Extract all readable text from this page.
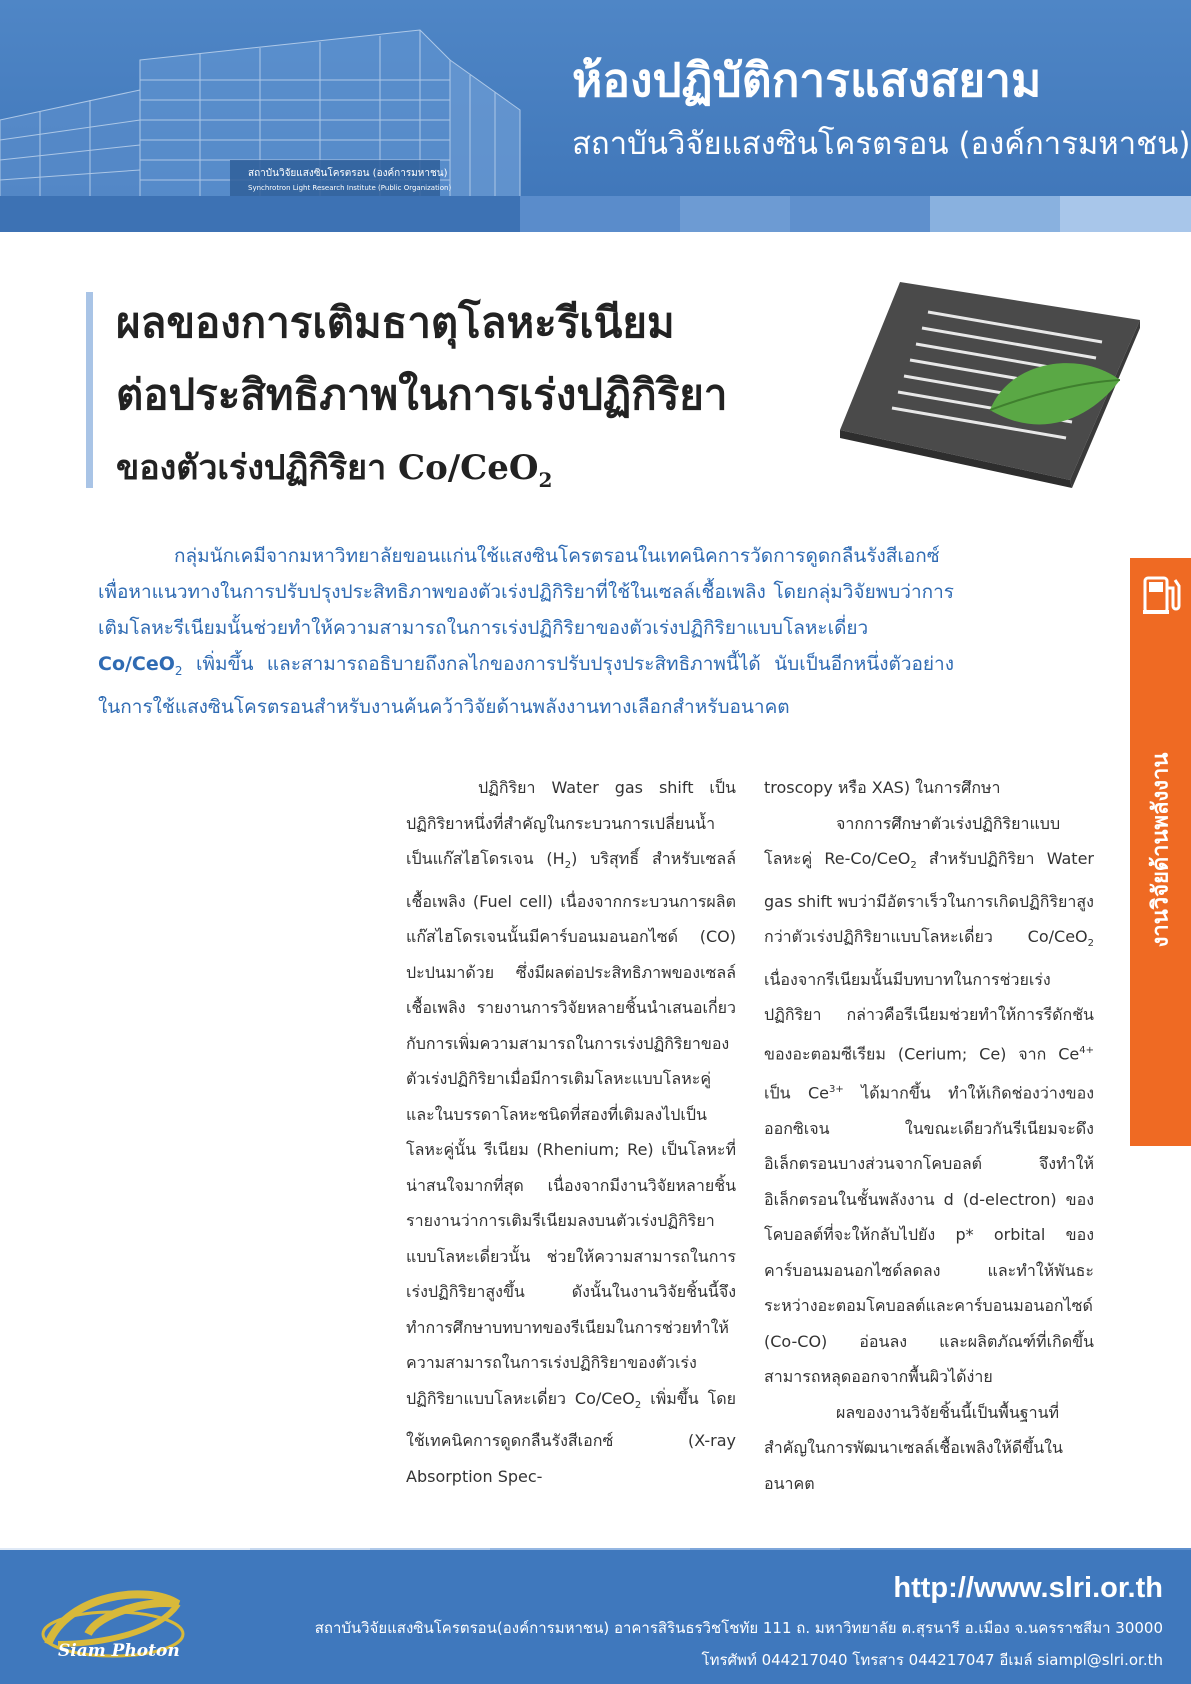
สถาบันวิจัยแสงซินโครตรอน (องค์การมหาชน)
Synchrotron Light Research Institute (Public Organization)
ห้องปฏิบัติการแสงสยาม
สถาบันวิจัยแสงซินโครตรอน (องค์การมหาชน)
ผลของการเติมธาตุโลหะรีเนียม
ต่อประสิทธิภาพในการเร่งปฏิกิริยา
ของตัวเร่งปฏิกิริยา Co/CeO$_2$
กลุ่มนักเคมีจากมหาวิทยาลัยขอนแก่นใช้แสงซินโครตรอนในเทคนิคการวัดการดูดกลืนรังสีเอกซ์ เพื่อหาแนวทางในการปรับปรุงประสิทธิภาพของตัวเร่งปฏิกิริยาที่ใช้ในเซลล์เชื้อเพลิง โดยกลุ่มวิจัยพบว่าการเติมโลหะรีเนียมนั้นช่วยทำให้ความสามารถในการเร่งปฏิกิริยาของตัวเร่งปฏิกิริยาแบบโลหะเดี่ยว Co/CeO$_2$ เพิ่มขึ้น และสามารถอธิบายถึงกลไกของการปรับปรุงประสิทธิภาพนี้ได้ นับเป็นอีกหนึ่งตัวอย่างในการใช้แสงซินโครตรอนสำหรับงานค้นคว้าวิจัยด้านพลังงานทางเลือกสำหรับอนาคต

ปฏิกิริยา Water gas shift เป็นปฏิกิริยาหนึ่งที่สำคัญในกระบวนการเปลี่ยนน้ำเป็นแก๊สไฮโดรเจน $(H_2)$ บริสุทธิ์ สำหรับเซลล์เชื้อเพลิง (Fuel cell) เนื่องจากกระบวนการผลิตแก๊สไฮโดรเจนนั้นมีคาร์บอนมอนอกไซด์ (CO) ปะปนมาด้วย ซึ่งมีผลต่อประสิทธิภาพของเซลล์เชื้อเพลิง รายงานการวิจัยหลายชิ้นนำเสนอเกี่ยวกับการเพิ่มความสามารถในการเร่งปฏิกิริยาของตัวเร่งปฏิกิริยาเมื่อมีการเติมโลหะแบบโลหะคู่ และในบรรดาโลหะชนิดที่สองที่เติมลงไปเป็นโลหะคู่นั้น รีเนียม (Rhenium; Re) เป็นโลหะที่น่าสนใจมากที่สุด เนื่องจากมีงานวิจัยหลายชิ้นรายงานว่าการเติมรีเนียมลงบนตัวเร่งปฏิกิริยาแบบโลหะเดี่ยวนั้น ช่วยให้ความสามารถในการเร่งปฏิกิริยาสูงขึ้น ดังนั้นในงานวิจัยชิ้นนี้จึงทำการศึกษาบทบาทของรีเนียมในการช่วยทำให้ความสามารถในการเร่งปฏิกิริยาของตัวเร่งปฏิกิริยาแบบโลหะเดี่ยว Co/CeO$_2$ เพิ่มขึ้น โดยใช้เทคนิคการดูดกลืนรังสีเอกซ์ (X-ray Absorption Spec-

troscopy หรือ XAS) ในการศึกษา

จากการศึกษาตัวเร่งปฏิกิริยาแบบโลหะคู่ Re-Co/CeO$_2$ สำหรับปฏิกิริยา Water gas shift พบว่ามีอัตราเร็วในการเกิดปฏิกิริยาสูงกว่าตัวเร่งปฏิกิริยาแบบโลหะเดี่ยว Co/CeO$_2$ เนื่องจากรีเนียมนั้นมีบทบาทในการช่วยเร่งปฏิกิริยา กล่าวคือรีเนียมช่วยทำให้การรีดักชันของอะตอมซีเรียม (Cerium; Ce) จาก $Ce^{4+}$ เป็น $Ce^{3+}$ ได้มากขึ้น ทำให้เกิดช่องว่างของออกซิเจน ในขณะเดียวกันรีเนียมจะดึงอิเล็กตรอนบางส่วนจากโคบอลต์ จึงทำให้อิเล็กตรอนในชั้นพลังงาน d (d-electron) ของโคบอลต์ที่จะให้กลับไปยัง p* orbital ของคาร์บอนมอนอกไซด์ลดลง และทำให้พันธะระหว่างอะตอมโคบอลต์และคาร์บอนมอนอกไซด์ (Co-CO) อ่อนลง และผลิตภัณฑ์ที่เกิดขึ้นสามารถหลุดออกจากพื้นผิวได้ง่าย

ผลของงานวิจัยชิ้นนี้เป็นพื้นฐานที่สำคัญในการพัฒนาเซลล์เชื้อเพลิงให้ดีขึ้นในอนาคต

งานวิจัยด้านพลังงาน
Siam Photon
http://www.slri.or.th
สถาบันวิจัยแสงซินโครตรอน(องค์การมหาชน) อาคารสิรินธรวิชโชทัย 111 ถ. มหาวิทยาลัย ต.สุรนารี อ.เมือง จ.นครราชสีมา 30000
โทรศัพท์ 044217040 โทรสาร 044217047 อีเมล์ siampl@slri.or.th
